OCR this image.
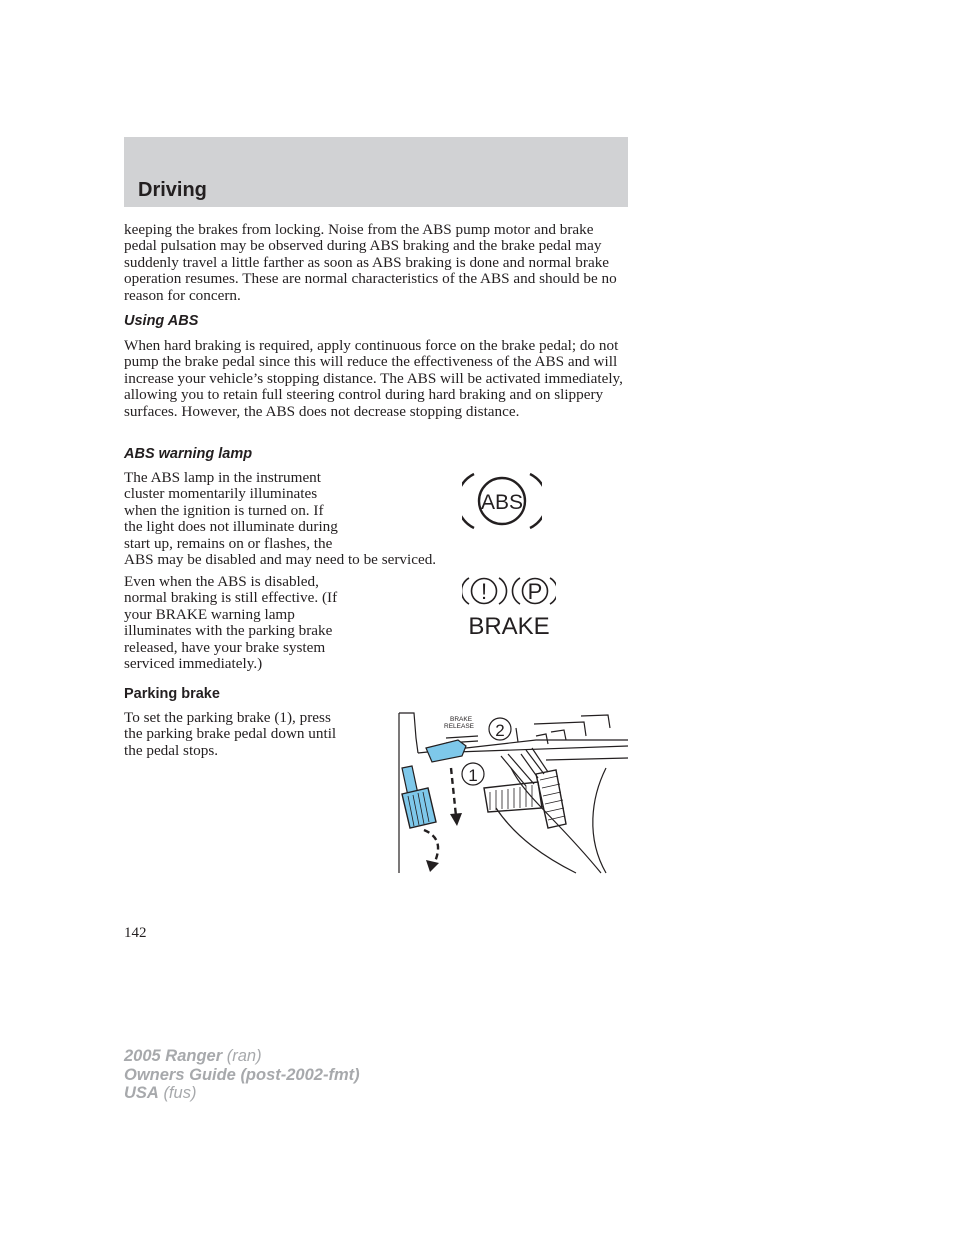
Driving

keeping the brakes from locking. Noise from the ABS pump motor and brake pedal pulsation may be observed during ABS braking and the brake pedal may suddenly travel a little farther as soon as ABS braking is done and normal brake operation resumes. These are normal characteristics of the ABS and should be no reason for concern.

Using ABS

When hard braking is required, apply continuous force on the brake pedal; do not pump the brake pedal since this will reduce the effectiveness of the ABS and will increase your vehicle’s stopping distance. The ABS will be activated immediately, allowing you to retain full steering control during hard braking and on slippery surfaces. However, the ABS does not decrease stopping distance.

ABS warning lamp

The ABS lamp in the instrument
cluster momentarily illuminates
when the ignition is turned on. If
the light does not illuminate during
start up, remains on or flashes, the
ABS may be disabled and may need to be serviced.

ABS

Even when the ABS is disabled,
normal braking is still effective. (If
your BRAKE warning lamp
illuminates with the parking brake
released, have your brake system
serviced immediately.)

! P
BRAKE
Parking brake

To set the parking brake (1), press
the parking brake pedal down until
the pedal stops.

BRAKE
RELEASE
1
2

142

2005 Ranger (ran)
Owners Guide (post-2002-fmt)
USA (fus)
